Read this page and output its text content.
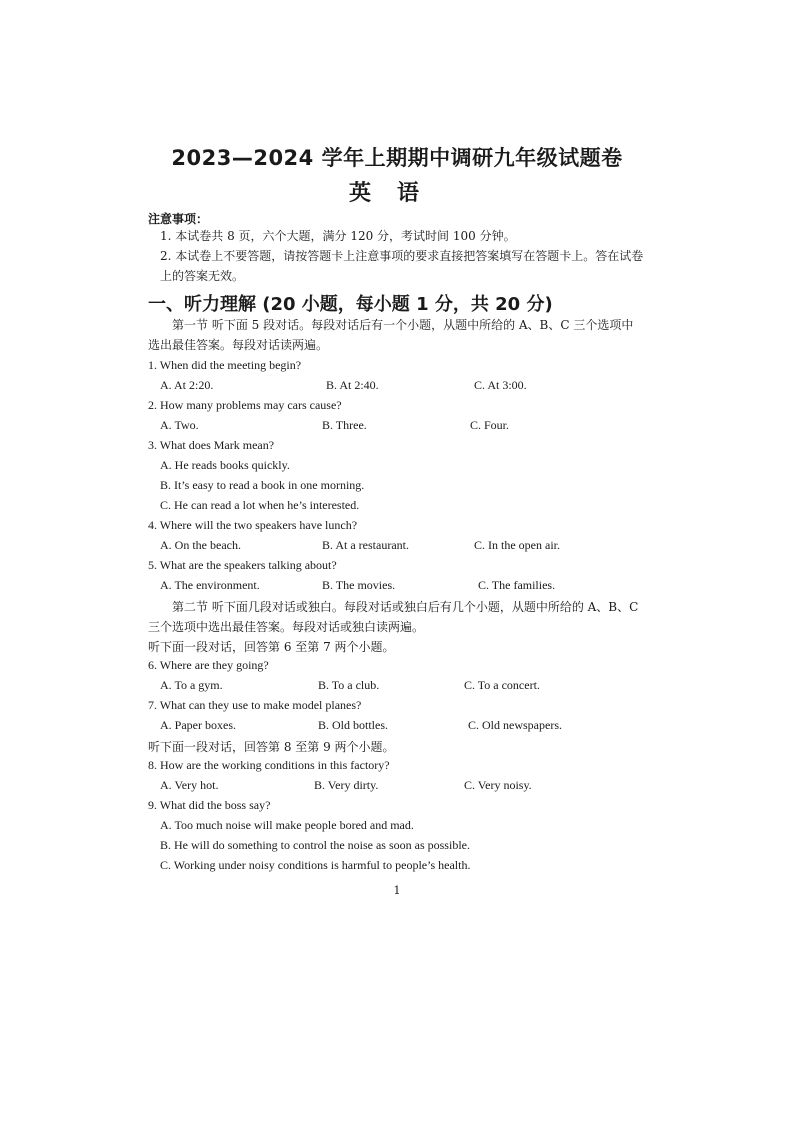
2023—2024 学年上期期中调研九年级试题卷
英语
注意事项：
1. 本试卷共 8 页，六个大题，满分 120 分，考试时间 100 分钟。
2. 本试卷上不要答题，请按答题卡上注意事项的要求直接把答案填写在答题卡上。答在试卷上的答案无效。
一、听力理解 (20 小题，每小题 1 分，共 20 分)
第一节 听下面 5 段对话。每段对话后有一个小题，从题中所给的 A、B、C 三个选项中选出最佳答案。每段对话读两遍。
1. When did the meeting begin?
A. At 2:20.	B. At 2:40.	C. At 3:00.
2. How many problems may cars cause?
A. Two.	B. Three.	C. Four.
3. What does Mark mean?
A. He reads books quickly.
B. It’s easy to read a book in one morning.
C. He can read a lot when he’s interested.
4. Where will the two speakers have lunch?
A. On the beach.	B. At a restaurant.	C. In the open air.
5. What are the speakers talking about?
A. The environment.	B. The movies.	C. The families.
第二节 听下面几段对话或独白。每段对话或独白后有几个小题，从题中所给的 A、B、C 三个选项中选出最佳答案。每段对话或独白读两遍。
听下面一段对话，回答第 6 至第 7 两个小题。
6. Where are they going?
A. To a gym.	B. To a club.	C. To a concert.
7. What can they use to make model planes?
A. Paper boxes.	B. Old bottles.	C. Old newspapers.
听下面一段对话，回答第 8 至第 9 两个小题。
8. How are the working conditions in this factory?
A. Very hot.	B. Very dirty.	C. Very noisy.
9. What did the boss say?
A. Too much noise will make people bored and mad.
B. He will do something to control the noise as soon as possible.
C. Working under noisy conditions is harmful to people’s health.
1
